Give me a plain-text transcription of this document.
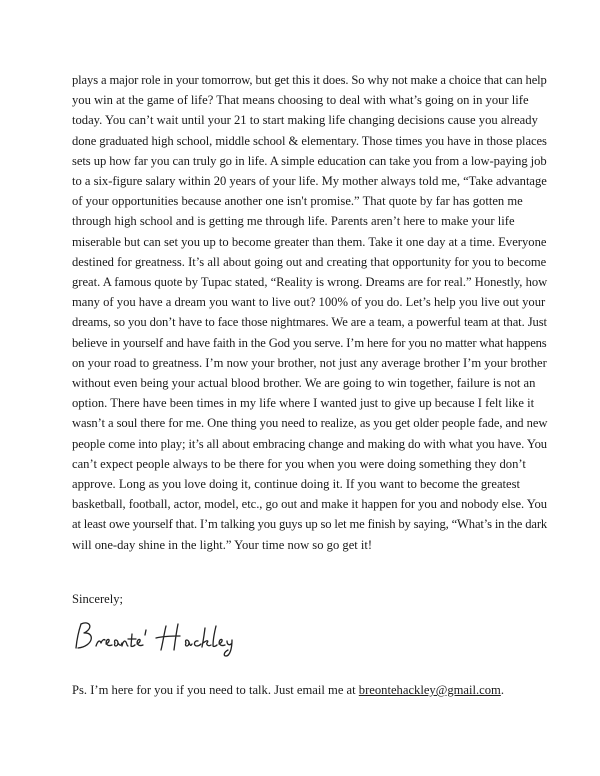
plays a major role in your tomorrow, but get this it does. So why not make a choice that can help
you win at the game of life? That means choosing to deal with what’s going on in your life
today. You can’t wait until your 21 to start making life changing decisions cause you already
done graduated high school, middle school & elementary. Those times you have in those places
sets up how far you can truly go in life. A simple education can take you from a low-paying job
to a six-figure salary within 20 years of your life. My mother always told me, “Take advantage
of your opportunities because another one isn't promise.” That quote by far has gotten me
through high school and is getting me through life. Parents aren’t here to make your life
miserable but can set you up to become greater than them. Take it one day at a time. Everyone
destined for greatness. It’s all about going out and creating that opportunity for you to become
great. A famous quote by Tupac stated, “Reality is wrong. Dreams are for real.” Honestly, how
many of you have a dream you want to live out? 100% of you do. Let’s help you live out your
dreams, so you don’t have to face those nightmares. We are a team, a powerful team at that. Just
believe in yourself and have faith in the God you serve. I’m here for you no matter what happens
on your road to greatness. I’m now your brother, not just any average brother I’m your brother
without even being your actual blood brother. We are going to win together, failure is not an
option. There have been times in my life where I wanted just to give up because I felt like it
wasn’t a soul there for me. One thing you need to realize, as you get older people fade, and new
people come into play; it’s all about embracing change and making do with what you have. You
can’t expect people always to be there for you when you were doing something they don’t
approve. Long as you love doing it, continue doing it. If you want to become the greatest
basketball, football, actor, model, etc., go out and make it happen for you and nobody else. You
at least owe yourself that. I’m talking you guys up so let me finish by saying, “What’s in the dark
will one-day shine in the light.” Your time now so go get it!

Sincerely;

Ps. I’m here for you if you need to talk. Just email me at breontehackley@gmail.com.
